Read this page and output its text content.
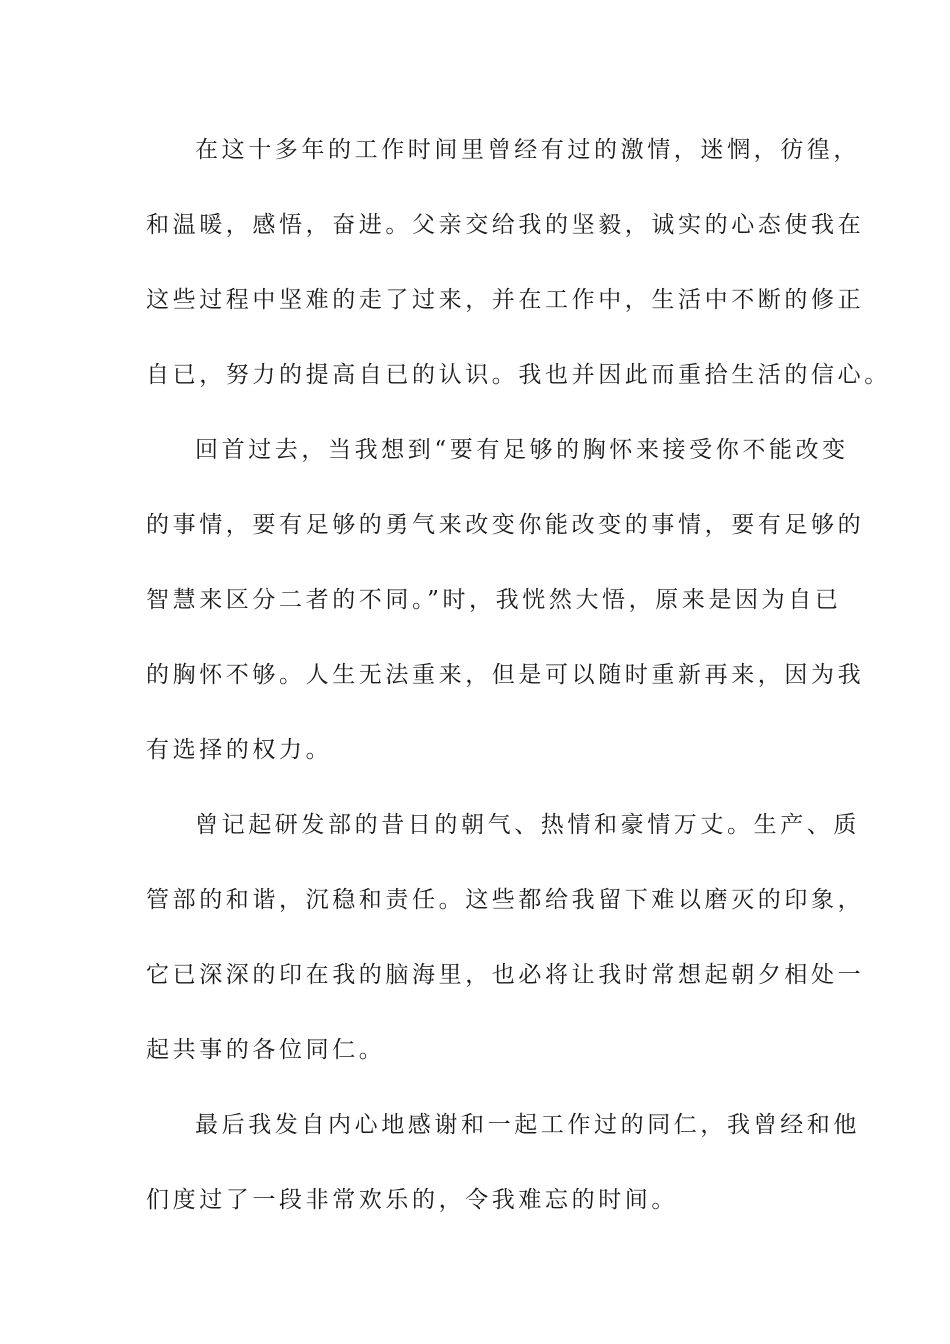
在这十多年的工作时间里曾经有过的激情，迷惘，彷徨，
和温暖，感悟，奋进。父亲交给我的坚毅，诚实的心态使我在
这些过程中坚难的走了过来，并在工作中，生活中不断的修正
自已，努力的提高自已的认识。我也并因此而重拾生活的信心。
回首过去，当我想到“要有足够的胸怀来接受你不能改变
的事情，要有足够的勇气来改变你能改变的事情，要有足够的
智慧来区分二者的不同。”时，我恍然大悟，原来是因为自已
的胸怀不够。人生无法重来，但是可以随时重新再来，因为我
有选择的权力。
曾记起研发部的昔日的朝气、热情和豪情万丈。生产、质
管部的和谐，沉稳和责任。这些都给我留下难以磨灭的印象，
它已深深的印在我的脑海里，也必将让我时常想起朝夕相处一
起共事的各位同仁。
最后我发自内心地感谢和一起工作过的同仁，我曾经和他
们度过了一段非常欢乐的，令我难忘的时间。
